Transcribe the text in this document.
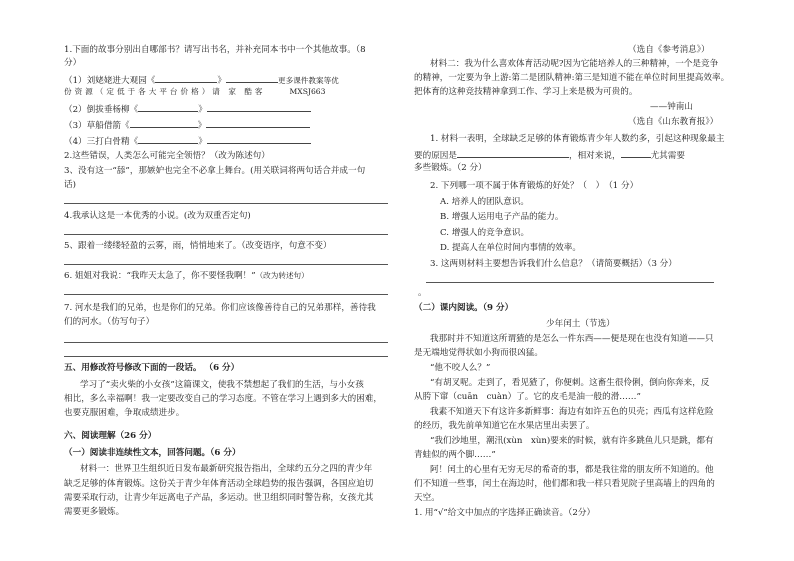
1.下面的故事分别出自哪部书？请写出书名，并补充同本书中一个其他故事。（8
分）
（1）刘姥姥进大观园《	》	更多课件教案等优
份资源（定低于各大平台价格）请 家 酷客	MXSJ663
（2）倒拔垂杨柳《	》
（3）草船借箭《	》
（4）三打白骨精《	》
2.这些错误，人类怎么可能完全领悟？（改为陈述句）
3、没有这一“舔”，那嫉妒也完全不必拿上舞台。(用关联词将两句话合并成一句
话)
4.我承认这是一本优秀的小说。(改为双重否定句)
5、跟着一缕缕轻盈的云雾，雨，悄悄地来了。（改变语序，句意不变）
6. 姐姐对我说：“我昨天太急了，你不要怪我啊！”（改为转述句）
7. 河水是我们的兄弟，也是你们的兄弟。你们应该像善待自己的兄弟那样，善待我
们的河水。（仿写句子）
五、用修改符号修改下面的一段话。 （6 分）
学习了“卖火柴的小女孩”这篇课文，使我不禁想起了我们的生活，与小女孩
相比，多么幸福啊！我一定要改变自己的学习态度。不管在学习上遇到多大的困难，
也要克服困难，争取成绩进步。
六、阅读理解（26 分）
（一）阅读非连续性文本，回答问题。（6 分）
材料一：世界卫生组织近日发布最新研究报告指出，全球约五分之四的青少年
缺乏足够的体育锻炼。这份关于青少年体育活动全球趋势的报告强调，各国应迫切
需要采取行动，让青少年远离电子产品，多运动。世卫组织同时警告称，女孩尤其
需要更多锻炼。
（选自《参考消息》）
材料二：我为什么喜欢体育活动呢?因为它能培养人的三种精神，一个是竞争
的精神，一定要为争上游:第二是团队精神:第三是知道不能在单位时间里提高效率。
把体育的这种竞技精神拿到工作、学习上来是极为可贵的。
——钟南山
（选自《山东教育报》）
1. 材料一表明，全球缺乏足够的体育锻炼青少年人数约多，引起这种现象最主
要的原因是	，相对来说，	尤其需要
多些锻炼。（2 分）
2. 下列哪一项不属于体育锻炼的好处？（　）　（1 分）
A. 培养人的团队意识。
B. 增强人运用电子产品的能力。
C. 增强人的竞争意识。
D. 提高人在单位时间内事情的效率。
3. 这两则材料主要想告诉我们什么信息？（请简要概括）（3 分）
。
（二）课内阅读。（9 分）
少年闰土（节选）
我那时并不知道这所谓猹的是怎么一件东西——便是现在也没有知道——只
是无端地觉得状如小狗而很凶猛。
“他不咬人么？”
“有胡叉呢。走到了，看见猹了，你便刺。这畜生很伶俐，倒向你奔来，反
从胯下窜（cuān　cuàn）了。它的皮毛是油一般的滑……”
我素不知道天下有这许多新鲜事：海边有如许五色的贝壳；西瓜有这样危险
的经历，我先前单知道它在水果店里出卖罢了。
“我们沙地里，潮汛(xùn　xùn)要来的时候，就有许多跳鱼儿只是跳，都有
青蛙似的两个脚……”
阿！闰土的心里有无穷无尽的希奇的事，都是我往常的朋友所不知道的。他
们不知道一些事，闰土在海边时，他们都和我一样只看见院子里高墙上的四角的
天空。
1. 用“√”给文中加点的字选择正确读音。（2分）
